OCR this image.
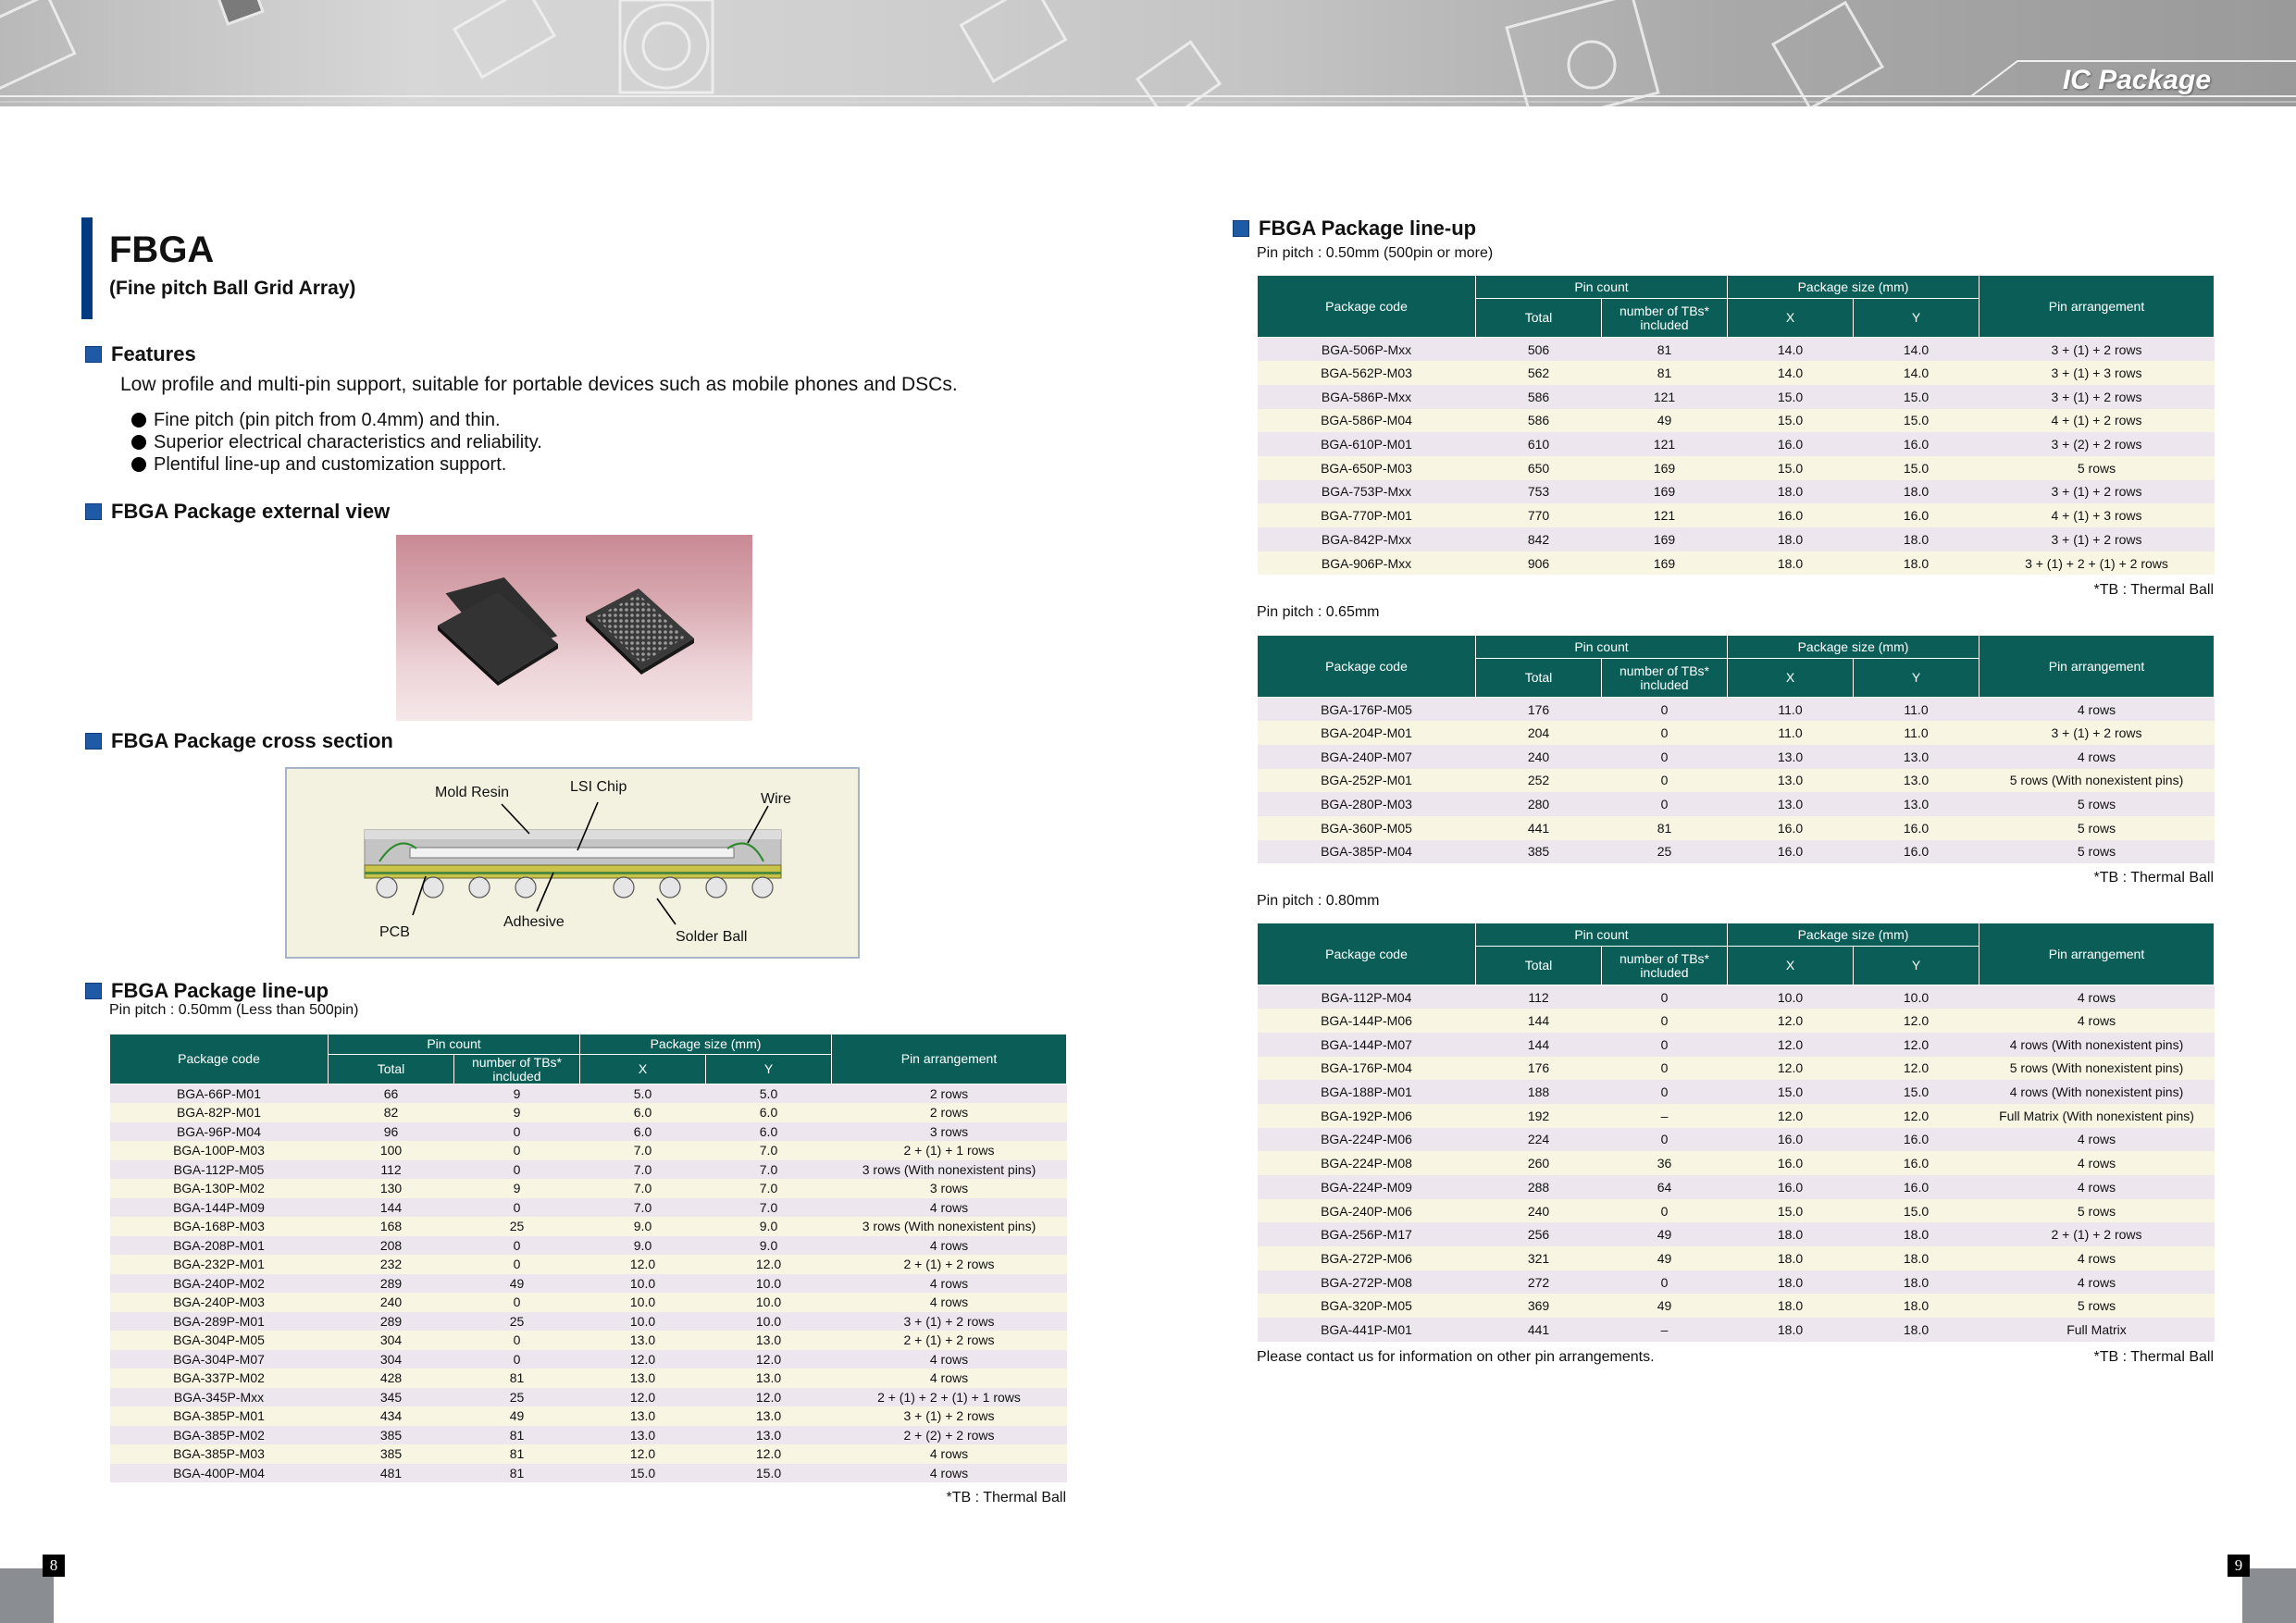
IC Package
FBGA
(Fine pitch Ball Grid Array)
Features
Low profile and multi-pin support, suitable for portable devices such as mobile phones and DSCs.
Fine pitch (pin pitch from 0.4mm) and thin.
Superior electrical characteristics and reliability.
Plentiful line-up and customization support.
FBGA Package external view
FBGA Package cross section
Mold Resin	LSI Chip
Wire
PCB
Adhesive
Solder Ball
FBGA Package line-up
Pin pitch : 0.50mm (Less than 500pin)
Package code	Pin count		Package size (mm)		Pin arrangement
	Total	number of TBs* included	X	Y	
BGA-66P-M01	66	9	5.0	5.0	2 rows
BGA-82P-M01	82	9	6.0	6.0	2 rows
BGA-96P-M04	96	0	6.0	6.0	3 rows
BGA-100P-M03	100	0	7.0	7.0	2 + (1) + 1 rows
BGA-112P-M05	112	0	7.0	7.0	3 rows (With nonexistent pins)
BGA-130P-M02	130	9	7.0	7.0	3 rows
BGA-144P-M09	144	0	7.0	7.0	4 rows
BGA-168P-M03	168	25	9.0	9.0	3 rows (With nonexistent pins)
BGA-208P-M01	208	0	9.0	9.0	4 rows
BGA-232P-M01	232	0	12.0	12.0	2 + (1) + 2 rows
BGA-240P-M02	289	49	10.0	10.0	4 rows
BGA-240P-M03	240	0	10.0	10.0	4 rows
BGA-289P-M01	289	25	10.0	10.0	3 + (1) + 2 rows
BGA-304P-M05	304	0	13.0	13.0	2 + (1) + 2 rows
BGA-304P-M07	304	0	12.0	12.0	4 rows
BGA-337P-M02	428	81	13.0	13.0	4 rows
BGA-345P-Mxx	345	25	12.0	12.0	2 + (1) + 2 + (1) + 1 rows
BGA-385P-M01	434	49	13.0	13.0	3 + (1) + 2 rows
BGA-385P-M02	385	81	13.0	13.0	2 + (2) + 2 rows
BGA-385P-M03	385	81	12.0	12.0	4 rows
BGA-400P-M04	481	81	15.0	15.0	4 rows
*TB : Thermal Ball
FBGA Package line-up
Pin pitch : 0.50mm (500pin or more)
Package code	Pin count		Package size (mm)		Pin arrangement
	Total	number of TBs* included	X	Y	
BGA-506P-Mxx	506	81	14.0	14.0	3 + (1) + 2 rows
BGA-562P-M03	562	81	14.0	14.0	3 + (1) + 3 rows
BGA-586P-Mxx	586	121	15.0	15.0	3 + (1) + 2 rows
BGA-586P-M04	586	49	15.0	15.0	4 + (1) + 2 rows
BGA-610P-M01	610	121	16.0	16.0	3 + (2) + 2 rows
BGA-650P-M03	650	169	15.0	15.0	5 rows
BGA-753P-Mxx	753	169	18.0	18.0	3 + (1) + 2 rows
BGA-770P-M01	770	121	16.0	16.0	4 + (1) + 3 rows
BGA-842P-Mxx	842	169	18.0	18.0	3 + (1) + 2 rows
BGA-906P-Mxx	906	169	18.0	18.0	3 + (1) + 2 + (1) + 2 rows
*TB : Thermal Ball
Pin pitch : 0.65mm
Package code	Pin count		Package size (mm)		Pin arrangement
	Total	number of TBs* included	X	Y	
BGA-176P-M05	176	0	11.0	11.0	4 rows
BGA-204P-M01	204	0	11.0	11.0	3 + (1) + 2 rows
BGA-240P-M07	240	0	13.0	13.0	4 rows
BGA-252P-M01	252	0	13.0	13.0	5 rows (With nonexistent pins)
BGA-280P-M03	280	0	13.0	13.0	5 rows
BGA-360P-M05	441	81	16.0	16.0	5 rows
BGA-385P-M04	385	25	16.0	16.0	5 rows
*TB : Thermal Ball
Pin pitch : 0.80mm
Package code	Pin count		Package size (mm)		Pin arrangement
	Total	number of TBs* included	X	Y	
BGA-112P-M04	112	0	10.0	10.0	4 rows
BGA-144P-M06	144	0	12.0	12.0	4 rows
BGA-144P-M07	144	0	12.0	12.0	4 rows (With nonexistent pins)
BGA-176P-M04	176	0	12.0	12.0	5 rows (With nonexistent pins)
BGA-188P-M01	188	0	15.0	15.0	4 rows (With nonexistent pins)
BGA-192P-M06	192	–	12.0	12.0	Full Matrix (With nonexistent pins)
BGA-224P-M06	224	0	16.0	16.0	4 rows
BGA-224P-M08	260	36	16.0	16.0	4 rows
BGA-224P-M09	288	64	16.0	16.0	4 rows
BGA-240P-M06	240	0	15.0	15.0	5 rows
BGA-256P-M17	256	49	18.0	18.0	2 + (1) + 2 rows
BGA-272P-M06	321	49	18.0	18.0	4 rows
BGA-272P-M08	272	0	18.0	18.0	4 rows
BGA-320P-M05	369	49	18.0	18.0	5 rows
BGA-441P-M01	441	–	18.0	18.0	Full Matrix
Please contact us for information on other pin arrangements.	*TB : Thermal Ball
8	9
